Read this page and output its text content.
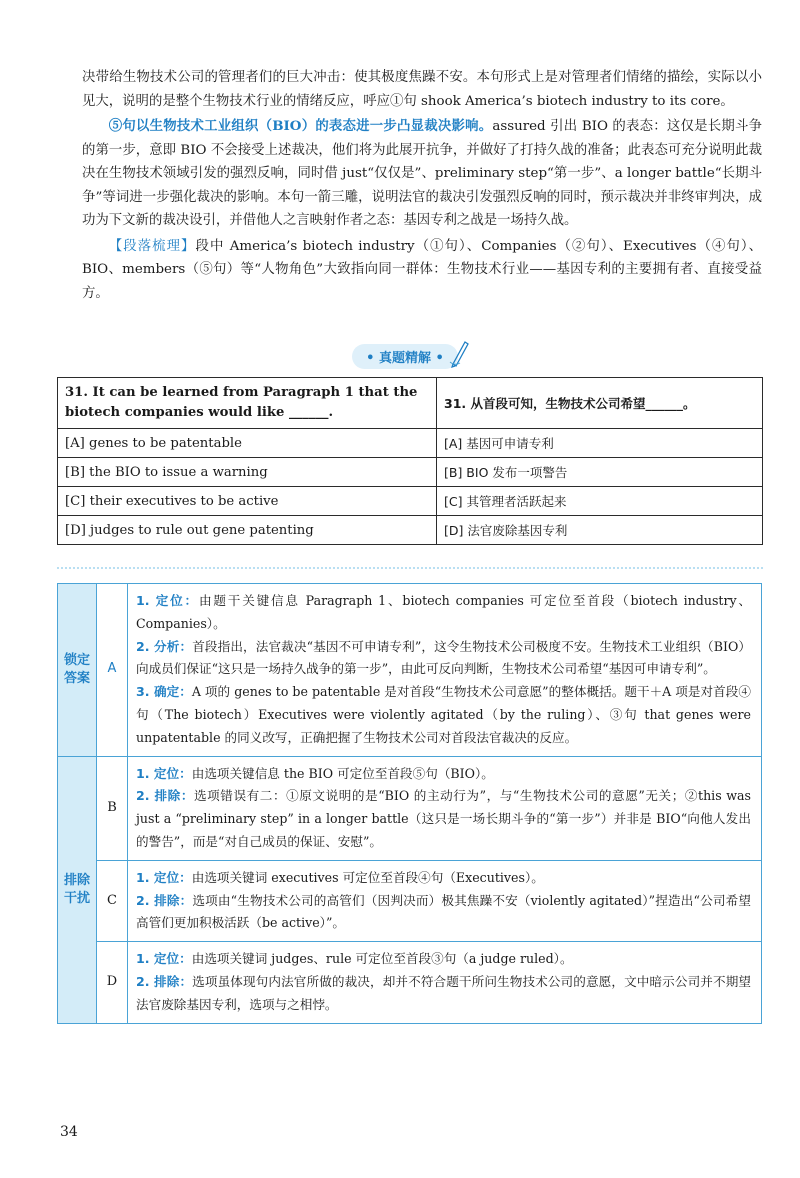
决带给生物技术公司的管理者们的巨大冲击：使其极度焦躁不安。本句形式上是对管理者们情绪的描绘，实际以小见大，说明的是整个生物技术行业的情绪反应，呼应①句 shook America’s biotech industry to its core。

⑤句以生物技术工业组织（BIO）的表态进一步凸显裁决影响。assured 引出 BIO 的表态：这仅是长期斗争的第一步，意即 BIO 不会接受上述裁决，他们将为此展开抗争，并做好了打持久战的准备；此表态可充分说明此裁决在生物技术领域引发的强烈反响，同时借 just“仅仅是”、preliminary step“第一步”、a longer battle“长期斗争”等词进一步强化裁决的影响。本句一箭三雕，说明法官的裁决引发强烈反响的同时，预示裁决并非终审判决，成功为下文新的裁决设引，并借他人之言映射作者之态：基因专利之战是一场持久战。

【段落梳理】段中 America’s biotech industry（①句）、Companies（②句）、Executives（④句）、BIO、members（⑤句）等“人物角色”大致指向同一群体：生物技术行业——基因专利的主要拥有者、直接受益方。

• 真题精解 •
31. It can be learned from Paragraph 1 that the biotech companies would like ______.	31. 从首段可知，生物技术公司希望______。
[A] genes to be patentable	[A] 基因可申请专利
[B] the BIO to issue a warning	[B] BIO 发布一项警告
[C] their executives to be active	[C] 其管理者活跃起来
[D] judges to rule out gene patenting	[D] 法官废除基因专利
锁定答案	A	1. 定位：由题干关键信息 Paragraph 1、biotech companies 可定位至首段（biotech industry、Companies）。
2. 分析：首段指出，法官裁决“基因不可申请专利”，这令生物技术公司极度不安。生物技术工业组织（BIO）向成员们保证“这只是一场持久战争的第一步”，由此可反向判断，生物技术公司希望“基因可申请专利”。
3. 确定：A 项的 genes to be patentable 是对首段“生物技术公司意愿”的整体概括。题干＋A 项是对首段④句（The biotech）Executives were violently agitated（by the ruling）、③句 that genes were unpatentable 的同义改写，正确把握了生物技术公司对首段法官裁决的反应。

排除干扰	B	1. 定位：由选项关键信息 the BIO 可定位至首段⑤句（BIO）。
2. 排除：选项错误有二：①原文说明的是“BIO 的主动行为”，与“生物技术公司的意愿”无关；②this was just a “preliminary step” in a longer battle（这只是一场长期斗争的“第一步”）并非是 BIO“向他人发出的警告”，而是“对自己成员的保证、安慰”。

	C	1. 定位：由选项关键词 executives 可定位至首段④句（Executives）。
2. 排除：选项由“生物技术公司的高管们（因判决而）极其焦躁不安（violently agitated）”捏造出“公司希望高管们更加积极活跃（be active）”。

	D	1. 定位：由选项关键词 judges、rule 可定位至首段③句（a judge ruled）。
2. 排除：选项虽体现句内法官所做的裁决，却并不符合题干所问生物技术公司的意愿，文中暗示公司并不期望法官废除基因专利，选项与之相悖。
34
